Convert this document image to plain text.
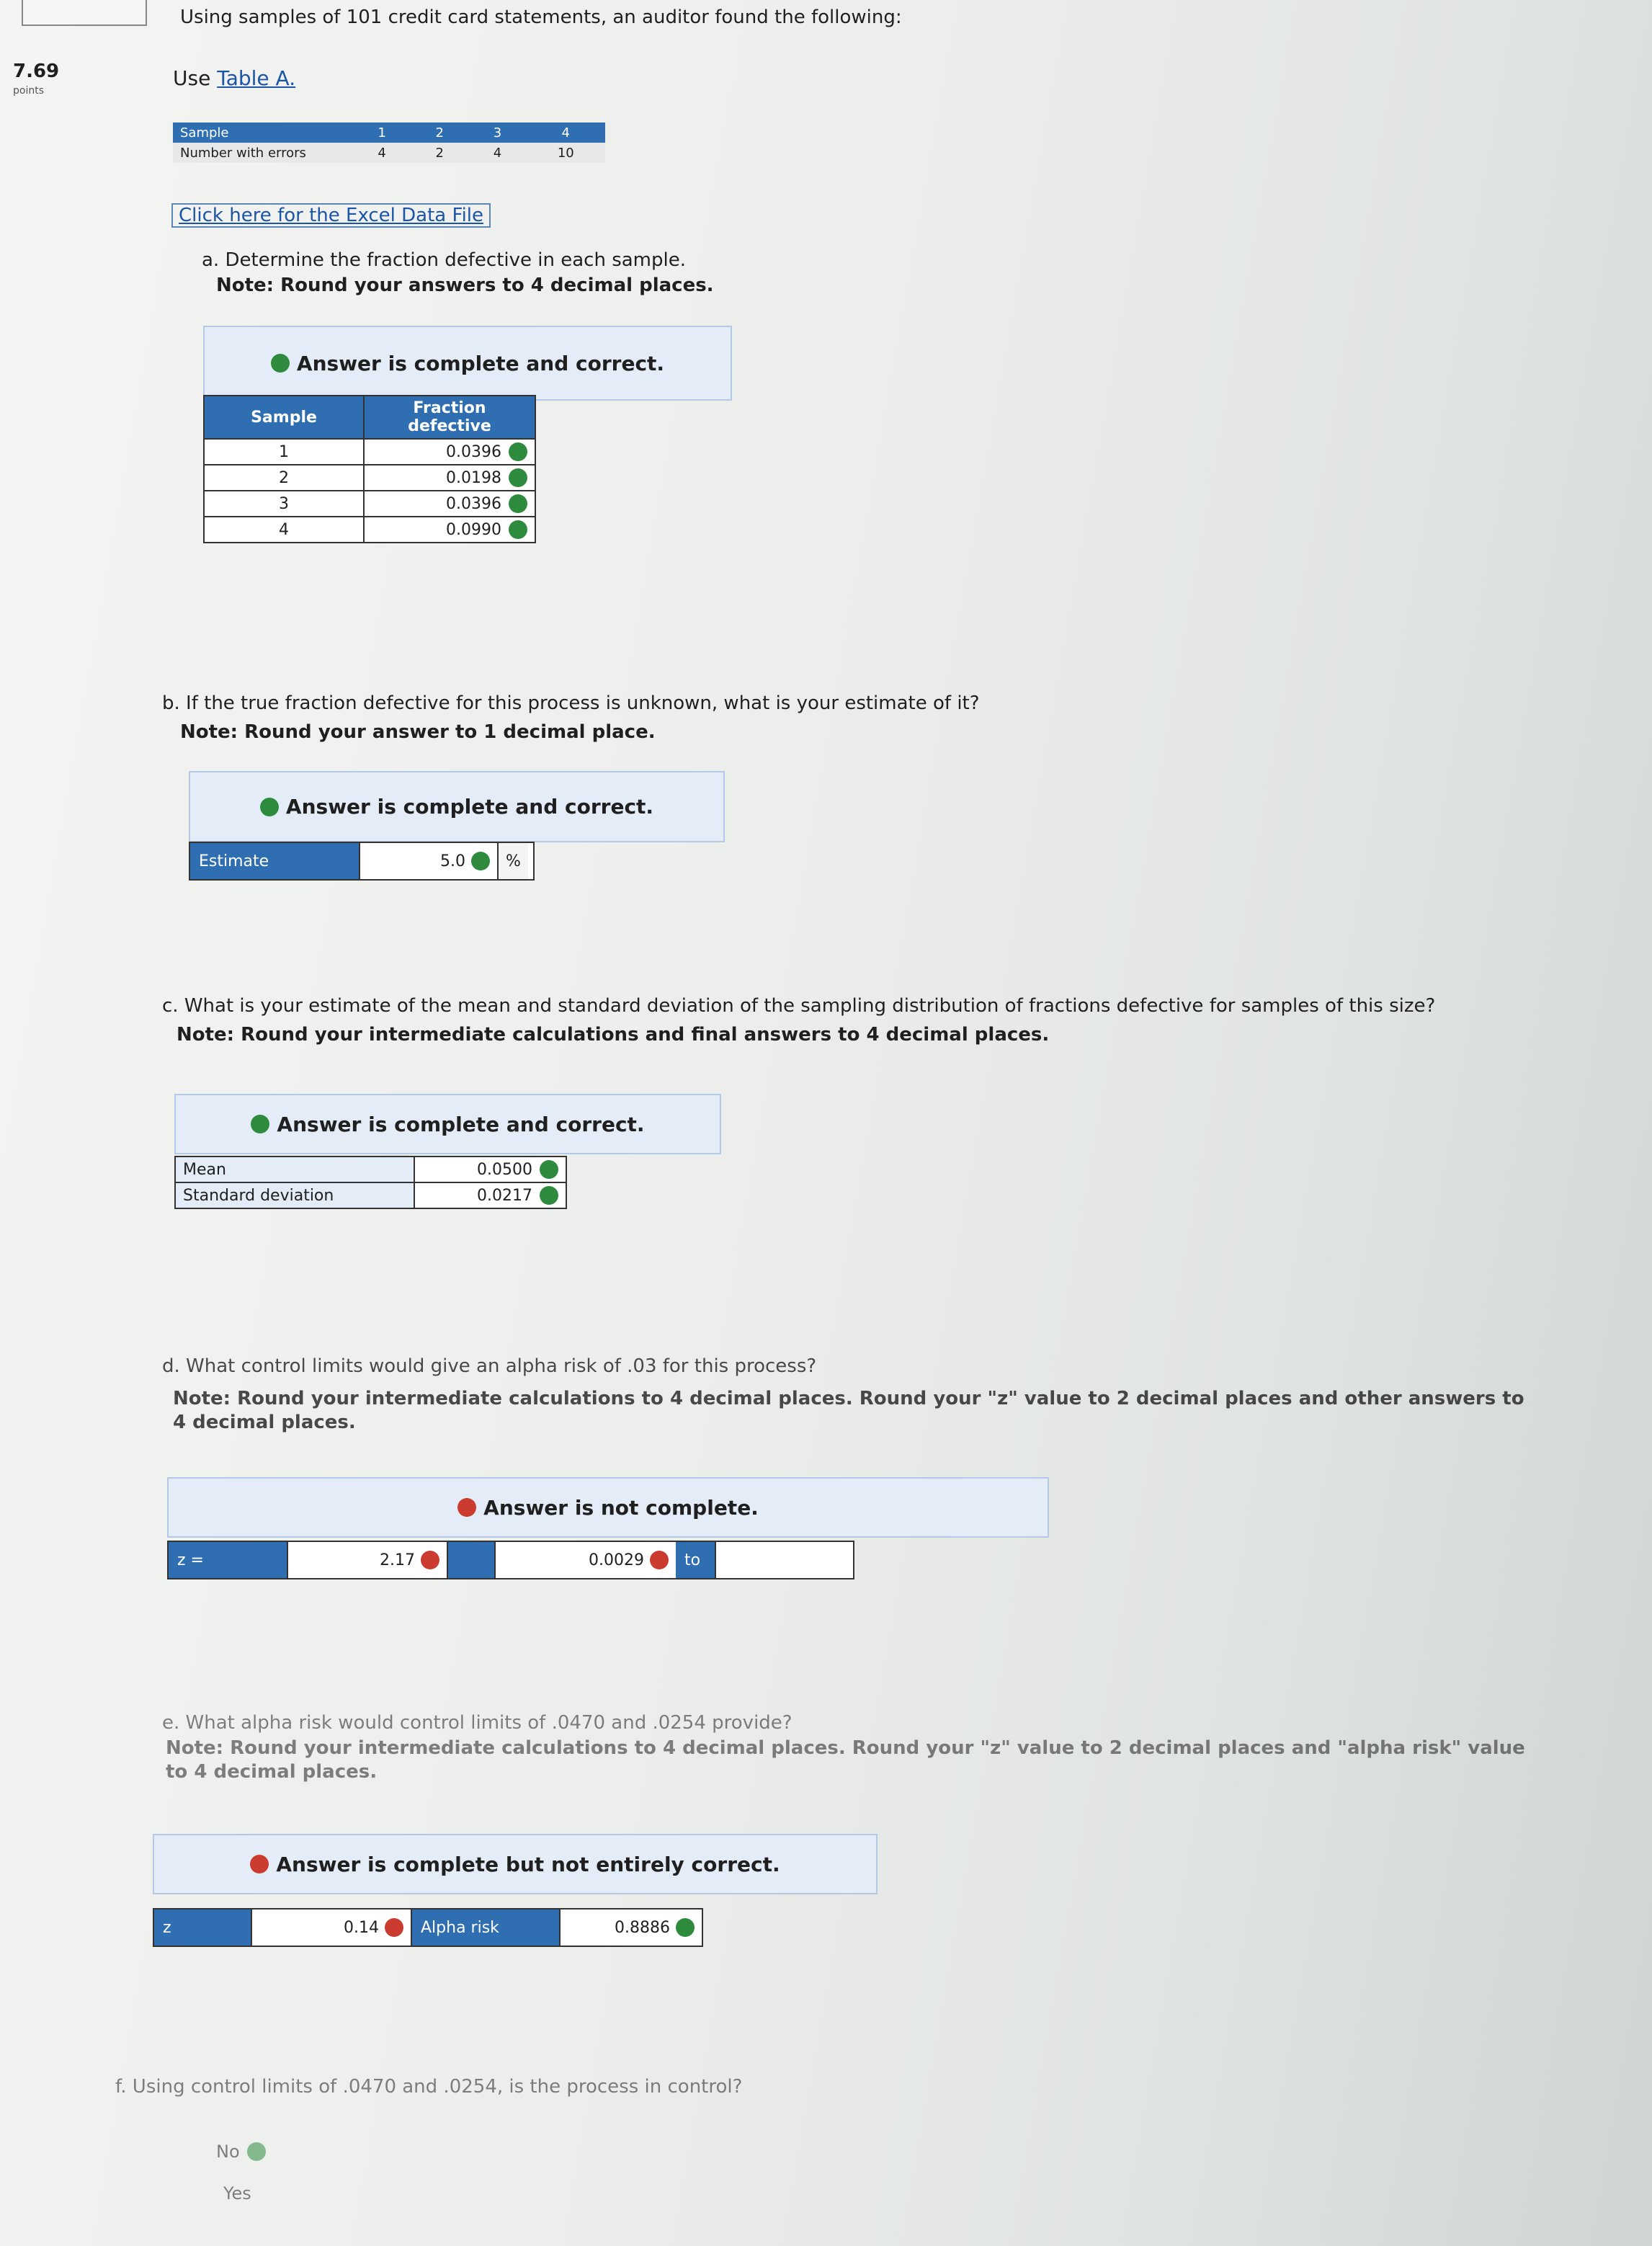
Using samples of 101 credit card statements, an auditor found the following:
7.69
points
Use Table A.
Sample	1	2	3	4
Number with errors	4	2	4	10
Click here for the Excel Data File
a. Determine the fraction defective in each sample.
Note: Round your answers to 4 decimal places.
Answer is complete and correct.
Sample	Fraction defective
1	0.0396

2	0.0198

3	0.0396

4	0.0990
b. If the true fraction defective for this process is unknown, what is your estimate of it?
Note: Round your answer to 1 decimal place.
Answer is complete and correct.
Estimate	5.0	%
c. What is your estimate of the mean and standard deviation of the sampling distribution of fractions defective for samples of this size?
Note: Round your intermediate calculations and final answers to 4 decimal places.
Answer is complete and correct.
Mean	0.0500

Standard deviation	0.0217
d. What control limits would give an alpha risk of .03 for this process?
Note: Round your intermediate calculations to 4 decimal places. Round your "z" value to 2 decimal places and other answers to 4 decimal places.
Answer is not complete.
z =	2.17	0.0029	to
e. What alpha risk would control limits of .0470 and .0254 provide?
Note: Round your intermediate calculations to 4 decimal places. Round your "z" value to 2 decimal places and "alpha risk" value to 4 decimal places.
Answer is complete but not entirely correct.
z	0.14	Alpha risk	0.8886
f. Using control limits of .0470 and .0254, is the process in control?
No
Yes
